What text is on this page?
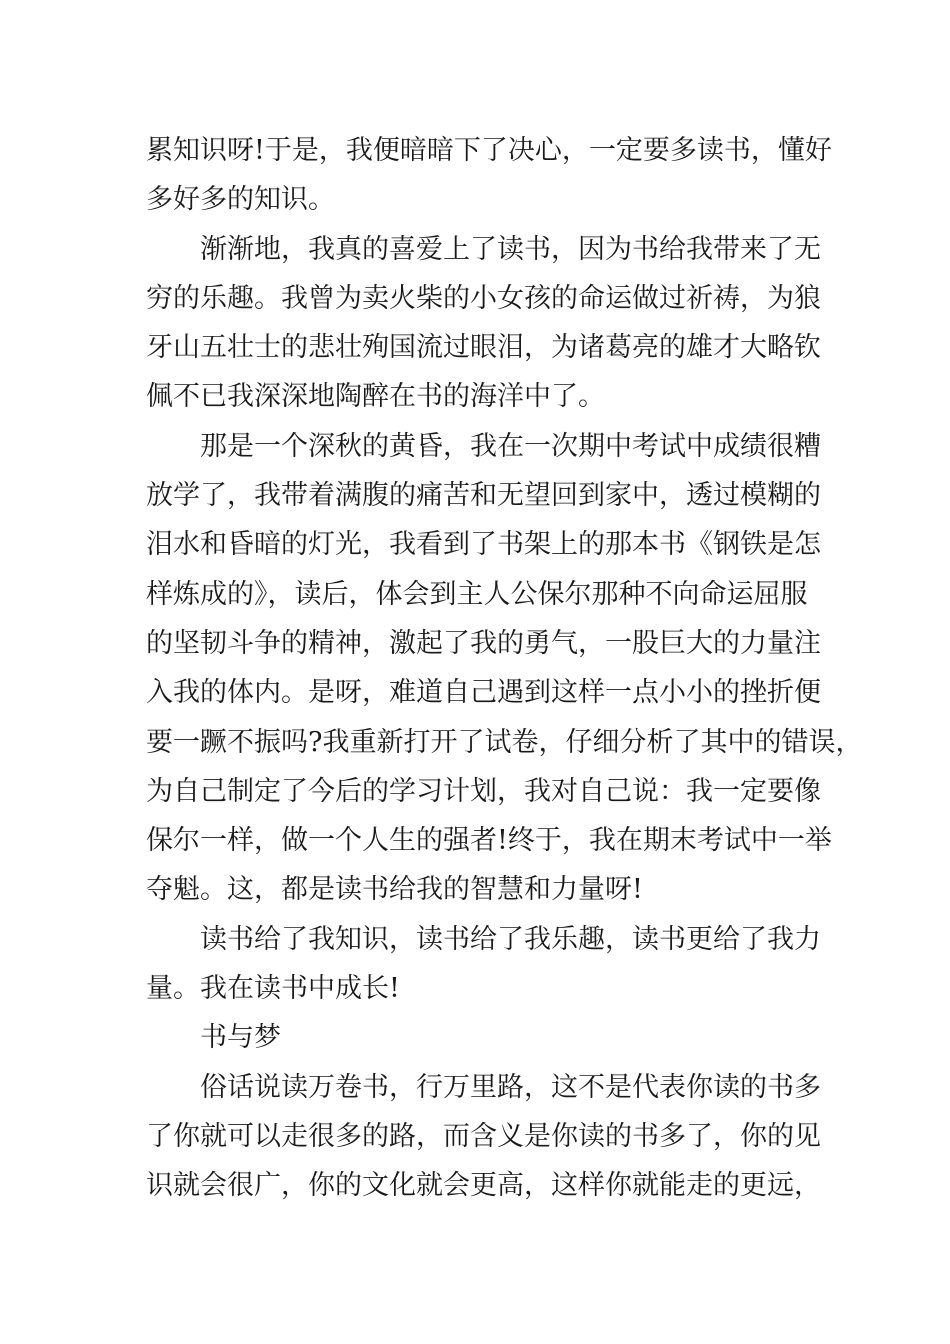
累知识呀!于是，我便暗暗下了决心，一定要多读书，懂好
多好多的知识。
渐渐地，我真的喜爱上了读书，因为书给我带来了无
穷的乐趣。我曾为卖火柴的小女孩的命运做过祈祷，为狼
牙山五壮士的悲壮殉国流过眼泪，为诸葛亮的雄才大略钦
佩不已我深深地陶醉在书的海洋中了。
那是一个深秋的黄昏，我在一次期中考试中成绩很糟
放学了，我带着满腹的痛苦和无望回到家中，透过模糊的
泪水和昏暗的灯光，我看到了书架上的那本书《钢铁是怎
样炼成的》，读后，体会到主人公保尔那种不向命运屈服
的坚韧斗争的精神，激起了我的勇气，一股巨大的力量注
入我的体内。是呀，难道自己遇到这样一点小小的挫折便
要一蹶不振吗?我重新打开了试卷，仔细分析了其中的错误，
为自己制定了今后的学习计划，我对自己说：我一定要像
保尔一样，做一个人生的强者!终于，我在期末考试中一举
夺魁。这，都是读书给我的智慧和力量呀!
读书给了我知识，读书给了我乐趣，读书更给了我力
量。我在读书中成长!
书与梦
俗话说读万卷书，行万里路，这不是代表你读的书多
了你就可以走很多的路，而含义是你读的书多了，你的见
识就会很广，你的文化就会更高，这样你就能走的更远，
